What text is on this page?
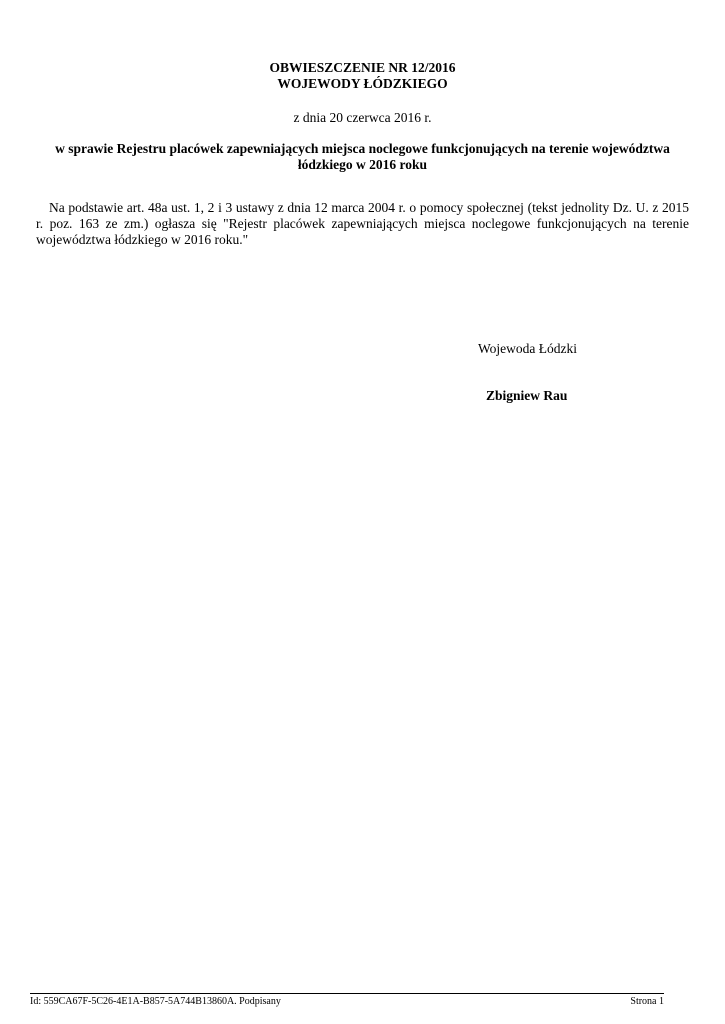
OBWIESZCZENIE NR 12/2016
WOJEWODY ŁÓDZKIEGO
z dnia 20 czerwca 2016 r.
w sprawie Rejestru placówek zapewniających miejsca noclegowe funkcjonujących na terenie województwa łódzkiego w 2016 roku
Na podstawie art. 48a ust. 1, 2 i 3 ustawy z dnia 12 marca 2004 r. o pomocy społecznej (tekst jednolity Dz. U. z 2015 r. poz. 163 ze zm.) ogłasza się "Rejestr placówek zapewniających miejsca noclegowe funkcjonujących na terenie województwa łódzkiego w 2016 roku."
Wojewoda Łódzki
Zbigniew Rau
Id: 559CA67F-5C26-4E1A-B857-5A744B13860A. Podpisany	Strona 1
